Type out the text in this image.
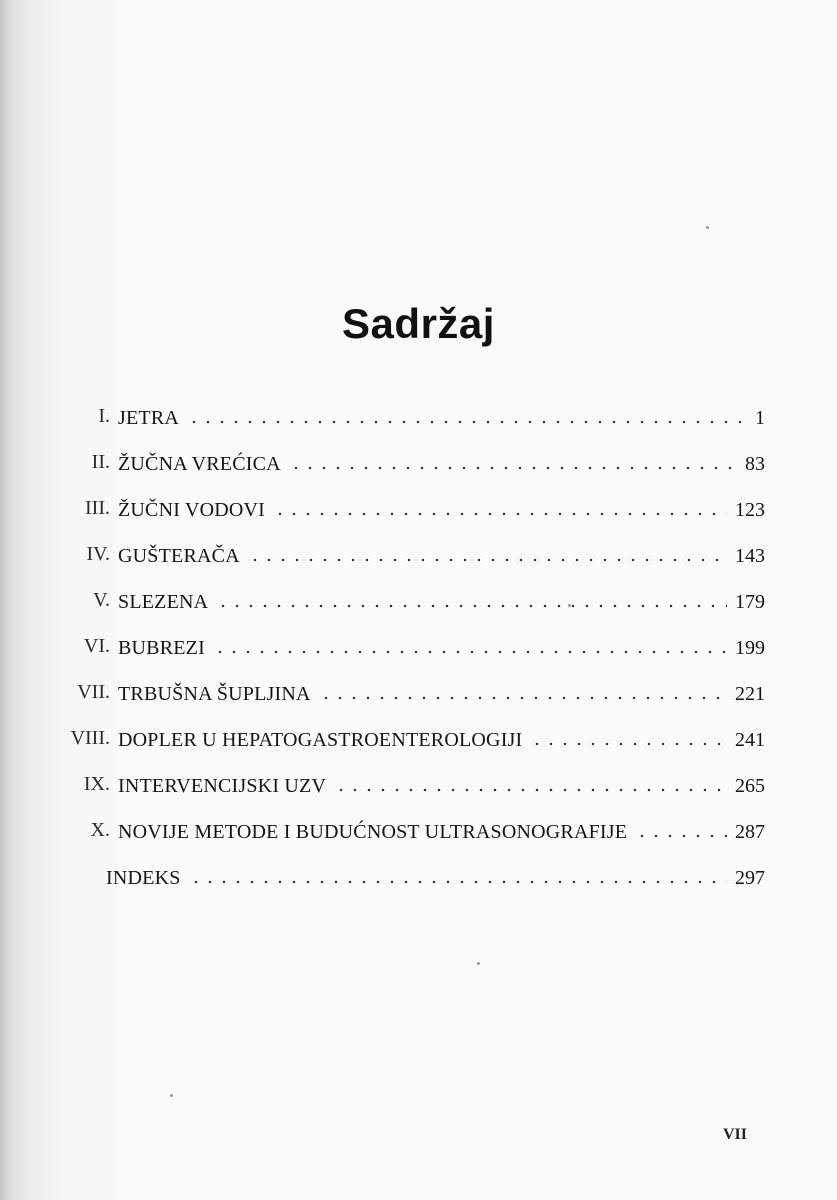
Sadržaj
I. JETRA	1
II. ŽUČNA VREĆICA	83
III. ŽUČNI VODOVI	123
IV. GUŠTERAČA	143
V. SLEZENA	179
VI. BUBREZI	199
VII. TRBUŠNA ŠUPLJINA	221
VIII. DOPLER U HEPATOGASTROENTEROLOGIJI	241
IX. INTERVENCIJSKI UZV	265
X. NOVIJE METODE I BUDUĆNOST ULTRASONOGRAFIJE	287
INDEKS	297
VII
